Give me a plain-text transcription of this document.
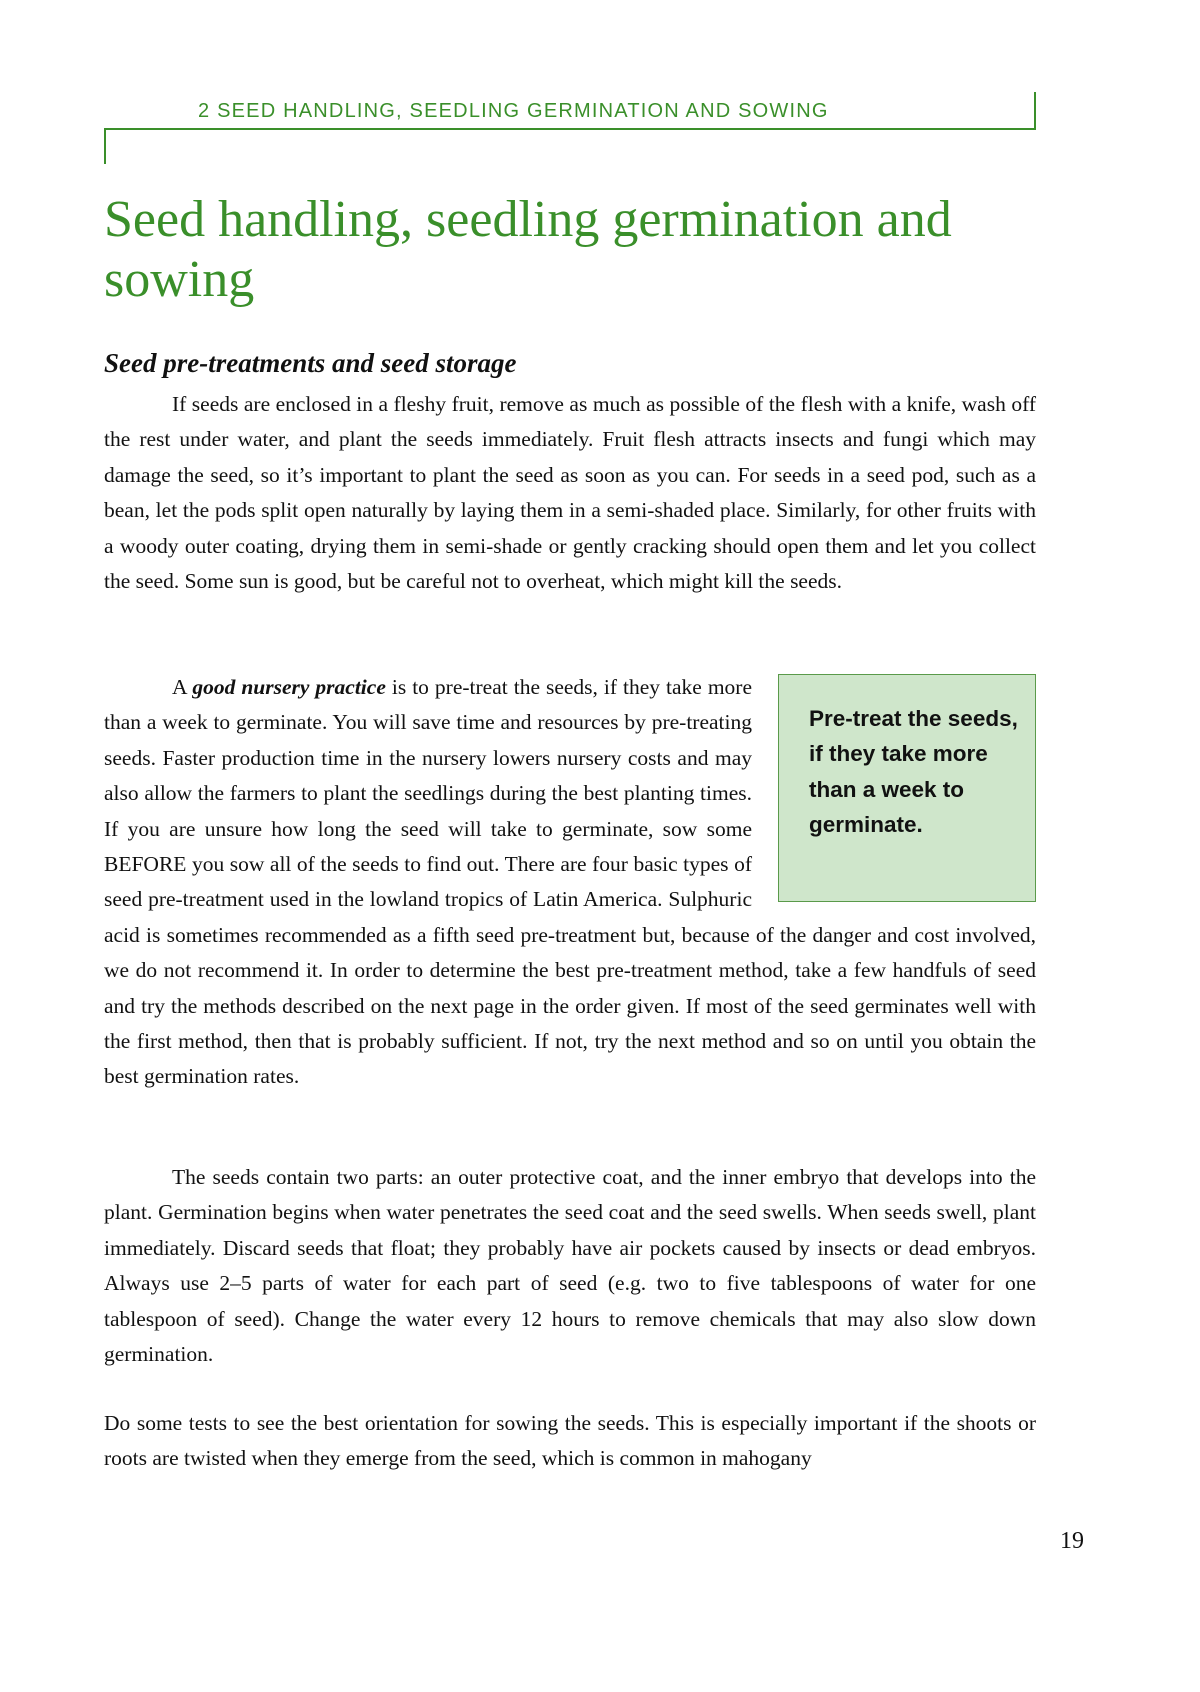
2 SEED HANDLING, SEEDLING GERMINATION AND SOWING
Seed handling, seedling germination and sowing
Seed pre-treatments and seed storage

If seeds are enclosed in a fleshy fruit, remove as much as possible of the flesh with a knife, wash off the rest under water, and plant the seeds immediately. Fruit flesh attracts insects and fungi which may damage the seed, so it’s important to plant the seed as soon as you can. For seeds in a seed pod, such as a bean, let the pods split open naturally by laying them in a semi-shaded place. Similarly, for other fruits with a woody outer coating, drying them in semi-shade or gently cracking should open them and let you collect the seed. Some sun is good, but be careful not to overheat, which might kill the seeds.

Pre-treat the seeds, if they take more than a week to germinate.

A good nursery practice is to pre-treat the seeds, if they take more than a week to germinate. You will save time and resources by pre-treating seeds. Faster production time in the nursery lowers nursery costs and may also allow the farmers to plant the seedlings during the best planting times. If you are unsure how long the seed will take to germinate, sow some BEFORE you sow all of the seeds to find out. There are four basic types of seed pre-treatment used in the lowland tropics of Latin America. Sulphuric acid is sometimes recommended as a fifth seed pre-treatment but, because of the danger and cost involved, we do not recommend it. In order to determine the best pre-treatment method, take a few handfuls of seed and try the methods described on the next page in the order given. If most of the seed germinates well with the first method, then that is probably sufficient. If not, try the next method and so on until you obtain the best germination rates.

The seeds contain two parts: an outer protective coat, and the inner embryo that develops into the plant. Germination begins when water penetrates the seed coat and the seed swells. When seeds swell, plant immediately. Discard seeds that float; they probably have air pockets caused by insects or dead embryos. Always use 2–5 parts of water for each part of seed (e.g. two to five tablespoons of water for one tablespoon of seed). Change the water every 12 hours to remove chemicals that may also slow down germination.

Do some tests to see the best orientation for sowing the seeds. This is especially important if the shoots or roots are twisted when they emerge from the seed, which is common in mahogany

19
